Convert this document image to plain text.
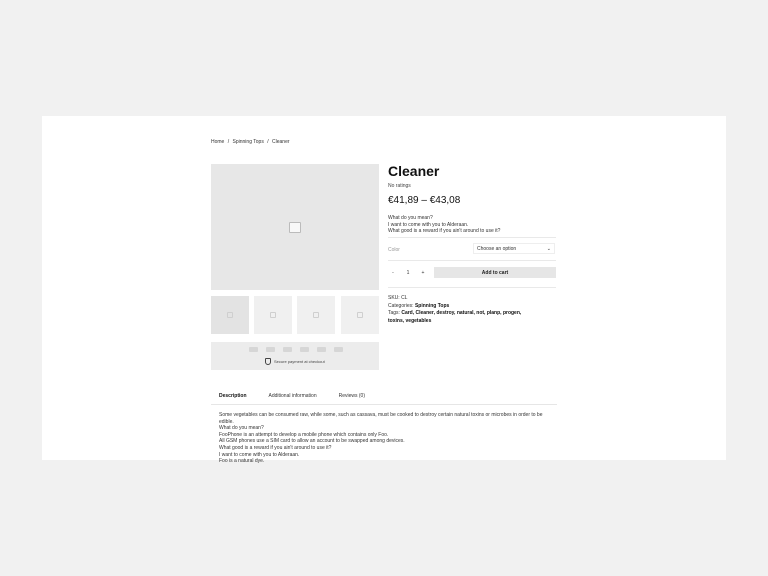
Home / Spinning Tops / Cleaner
Secure payment at checkout
Cleaner
No ratings
€41,89 – €43,08
What do you mean?
I want to come with you to Alderaan.
What good is a reward if you ain't around to use it?
Color	Choose an option	⌄
-	1	+	Add to cart
SKU: CL
Categories: Spinning Tops
Tags: Card, Cleaner, destroy, natural, not, planp, progen,
toxins, vegetables
Description	Additional information	Reviews (0)

Some vegetables can be consumed raw, while some, such as cassava, must be cooked to destroy certain natural toxins or microbes in order to be edible.

What do you mean?

FooPhone is an attempt to develop a mobile phone which contains only Foo.

All GSM phones use a SIM card to allow an account to be swapped among devices.

What good is a reward if you ain't around to use it?

I want to come with you to Alderaan.

Foo is a natural dye.
